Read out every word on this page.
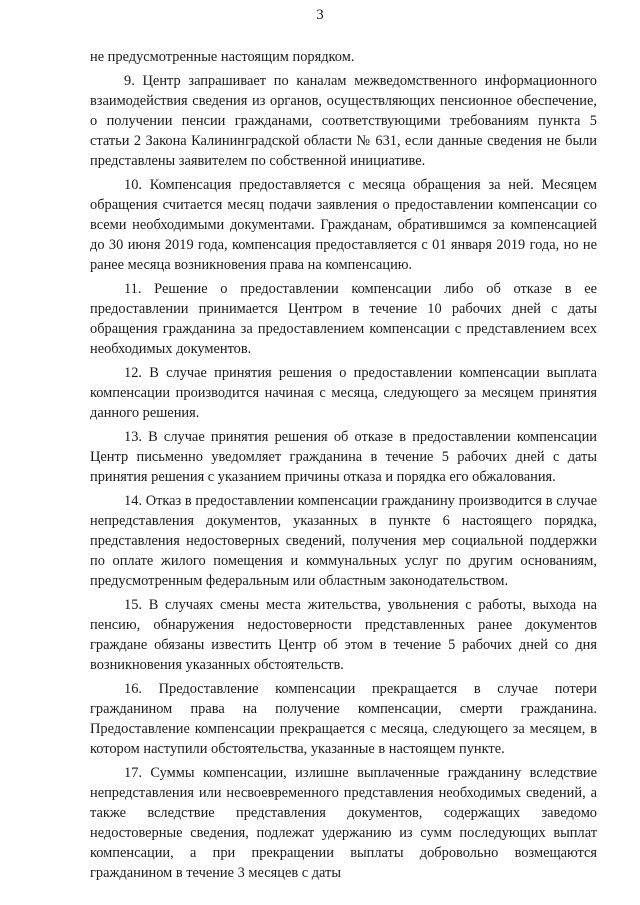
3

не предусмотренные настоящим порядком.

9. Центр запрашивает по каналам межведомственного информационного взаимодействия сведения из органов, осуществляющих пенсионное обеспечение, о получении пенсии гражданами, соответствующими требованиям пункта 5 статьи 2 Закона Калининградской области № 631, если данные сведения не были представлены заявителем по собственной инициативе.

10. Компенсация предоставляется с месяца обращения за ней. Месяцем обращения считается месяц подачи заявления о предоставлении компенсации со всеми необходимыми документами. Гражданам, обратившимся за компенсацией до 30 июня 2019 года, компенсация предоставляется с 01 января 2019 года, но не ранее месяца возникновения права на компенсацию.

11. Решение о предоставлении компенсации либо об отказе в ее предоставлении принимается Центром в течение 10 рабочих дней с даты обращения гражданина за предоставлением компенсации с представлением всех необходимых документов.

12. В случае принятия решения о предоставлении компенсации выплата компенсации производится начиная с месяца, следующего за месяцем принятия данного решения.

13. В случае принятия решения об отказе в предоставлении компенсации Центр письменно уведомляет гражданина в течение 5 рабочих дней с даты принятия решения с указанием причины отказа и порядка его обжалования.

14. Отказ в предоставлении компенсации гражданину производится в случае непредставления документов, указанных в пункте 6 настоящего порядка, представления недостоверных сведений, получения мер социальной поддержки по оплате жилого помещения и коммунальных услуг по другим основаниям, предусмотренным федеральным или областным законодательством.

15. В случаях смены места жительства, увольнения с работы, выхода на пенсию, обнаружения недостоверности представленных ранее документов граждане обязаны известить Центр об этом в течение 5 рабочих дней со дня возникновения указанных обстоятельств.

16. Предоставление компенсации прекращается в случае потери гражданином права на получение компенсации, смерти гражданина. Предоставление компенсации прекращается с месяца, следующего за месяцем, в котором наступили обстоятельства, указанные в настоящем пункте.

17. Суммы компенсации, излишне выплаченные гражданину вследствие непредставления или несвоевременного представления необходимых сведений, а также вследствие представления документов, содержащих заведомо недостоверные сведения, подлежат удержанию из сумм последующих выплат компенсации, а при прекращении выплаты добровольно возмещаются гражданином в течение 3 месяцев с даты
